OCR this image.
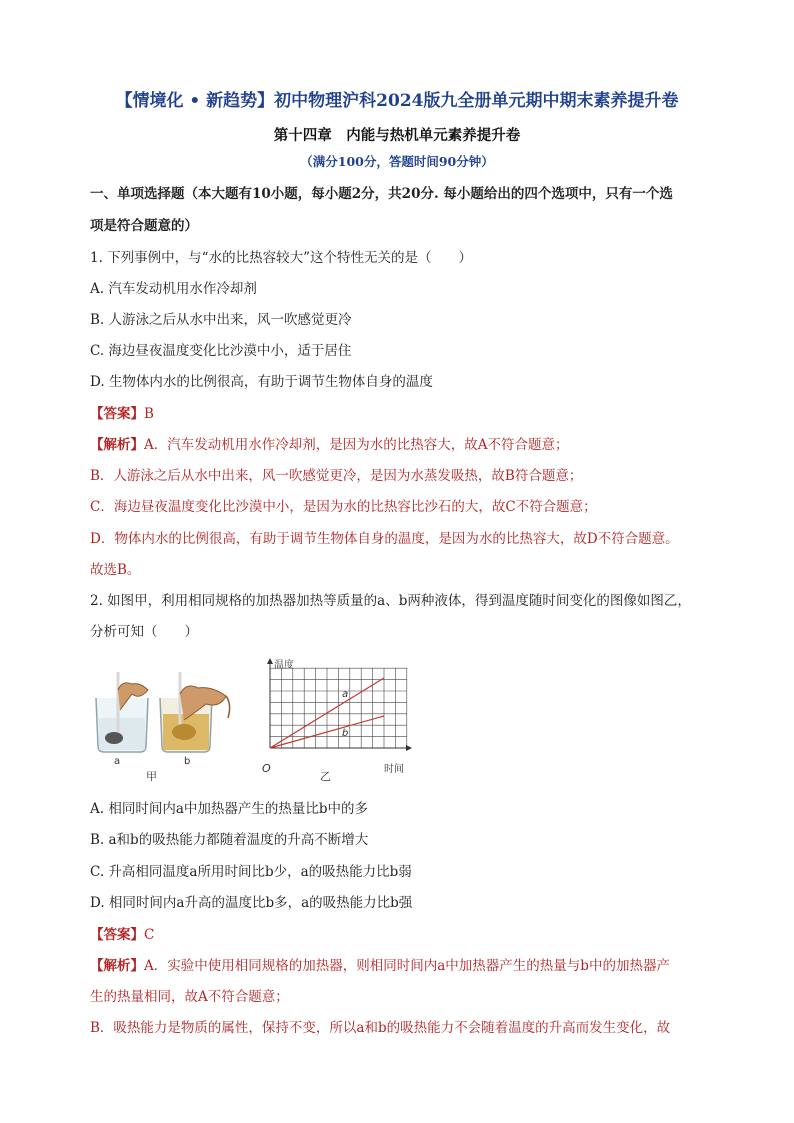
【情境化 • 新趋势】初中物理沪科2024版九全册单元期中期末素养提升卷
第十四章　内能与热机单元素养提升卷
（满分100分，答题时间90分钟）
一、单项选择题（本大题有10小题，每小题2分，共20分. 每小题给出的四个选项中，只有一个选
项是符合题意的）
1. 下列事例中，与“水的比热容较大”这个特性无关的是（　　）
A. 汽车发动机用水作冷却剂
B. 人游泳之后从水中出来，风一吹感觉更冷
C. 海边昼夜温度变化比沙漠中小，适于居住
D. 生物体内水的比例很高，有助于调节生物体自身的温度
【答案】B
【解析】A．汽车发动机用水作冷却剂，是因为水的比热容大，故A不符合题意；
B．人游泳之后从水中出来，风一吹感觉更冷，是因为水蒸发吸热，故B符合题意；
C．海边昼夜温度变化比沙漠中小，是因为水的比热容比沙石的大，故C不符合题意；
D．物体内水的比例很高，有助于调节生物体自身的温度，是因为水的比热容大，故D不符合题意。
故选B。
2. 如图甲，利用相同规格的加热器加热等质量的a、b两种液体，得到温度随时间变化的图像如图乙，
分析可知（　　）
a	b
甲
温度
时间
O
a
b
乙
A. 相同时间内a中加热器产生的热量比b中的多
B. a和b的吸热能力都随着温度的升高不断增大
C. 升高相同温度a所用时间比b少，a的吸热能力比b弱
D. 相同时间内a升高的温度比b多，a的吸热能力比b强
【答案】C
【解析】A．实验中使用相同规格的加热器，则相同时间内a中加热器产生的热量与b中的加热器产
生的热量相同，故A不符合题意；
B．吸热能力是物质的属性，保持不变，所以a和b的吸热能力不会随着温度的升高而发生变化，故
